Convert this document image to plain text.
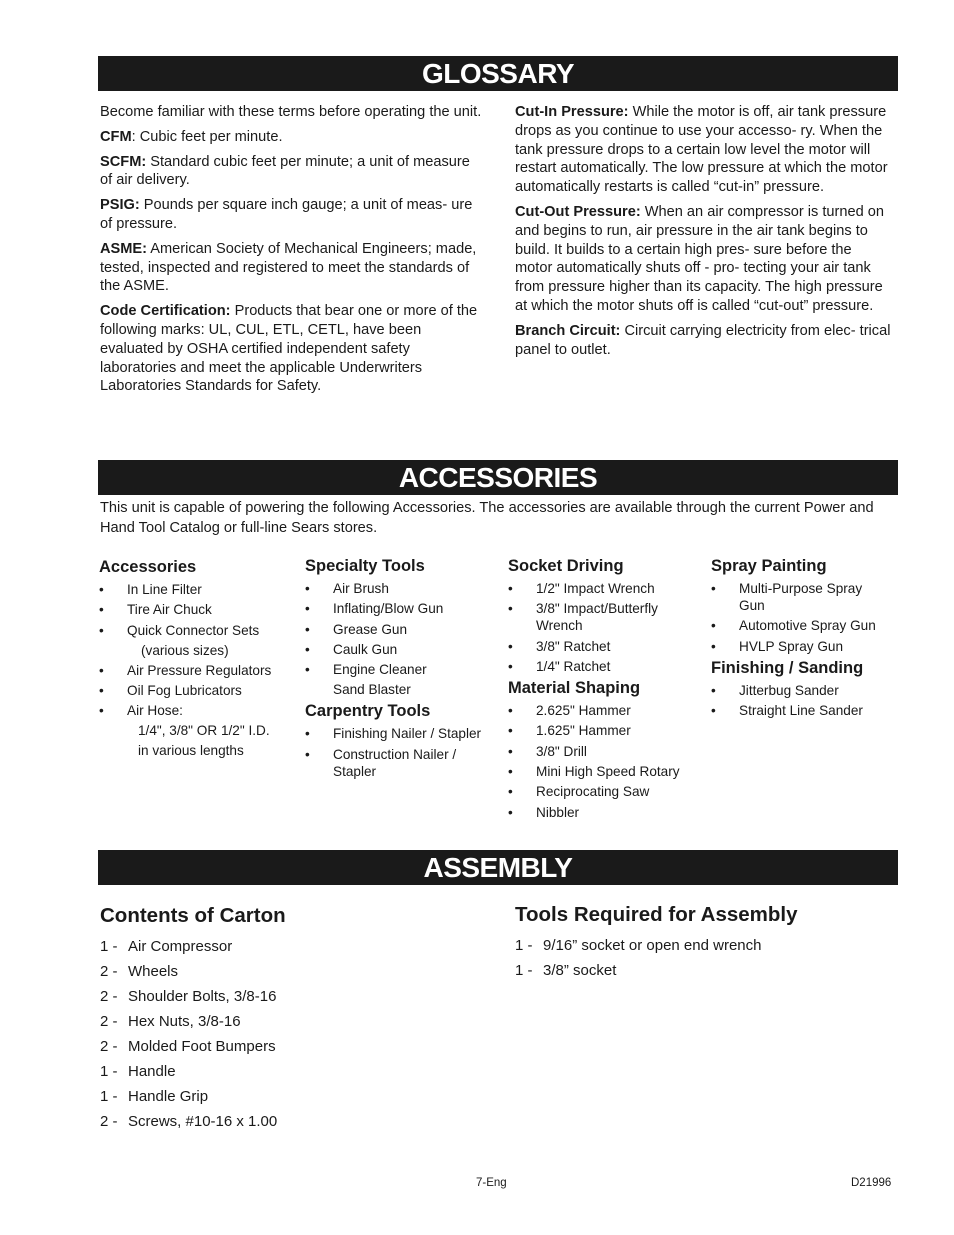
GLOSSARY

Become familiar with these terms before operating the unit.

CFM: Cubic feet per minute.

SCFM: Standard cubic feet per minute; a unit of measure of air delivery.

PSIG: Pounds per square inch gauge; a unit of meas- ure of pressure.

ASME: American Society of Mechanical Engineers; made, tested, inspected and registered to meet the standards of the ASME.

Code Certification: Products that bear one or more of the following marks: UL, CUL, ETL, CETL, have been evaluated by OSHA certified independent safety laboratories and meet the applicable Underwriters Laboratories Standards for Safety.

Cut-In Pressure: While the motor is off, air tank pressure drops as you continue to use your accesso- ry. When the tank pressure drops to a certain low level the motor will restart automatically. The low pressure at which the motor automatically restarts is called “cut-in” pressure.

Cut-Out Pressure: When an air compressor is turned on and begins to run, air pressure in the air tank begins to build. It builds to a certain high pres- sure before the motor automatically shuts off - pro- tecting your air tank from pressure higher than its capacity. The high pressure at which the motor shuts off is called “cut-out” pressure.

Branch Circuit: Circuit carrying electricity from elec- trical panel to outlet.

ACCESSORIES
This unit is capable of powering the following Accessories. The accessories are available through the current Power and Hand Tool Catalog or full-line Sears stores.
Accessories
• In Line Filter
• Tire Air Chuck
• Quick Connector Sets
(various sizes)
• Air Pressure Regulators
• Oil Fog Lubricators
• Air Hose:
1/4", 3/8" OR 1/2" I.D.
in various lengths
Specialty Tools
• Air Brush
• Inflating/Blow Gun
• Grease Gun
• Caulk Gun
• Engine Cleaner
Sand Blaster
Carpentry Tools
• Finishing Nailer / Stapler
• Construction Nailer / Stapler
Socket Driving
• 1/2" Impact Wrench
• 3/8" Impact/Butterfly Wrench
• 3/8" Ratchet
• 1/4" Ratchet
Material Shaping
• 2.625" Hammer
• 1.625" Hammer
• 3/8" Drill
• Mini High Speed Rotary
• Reciprocating Saw
• Nibbler
Spray Painting
• Multi-Purpose Spray Gun
• Automotive Spray Gun
• HVLP Spray Gun
Finishing / Sanding
• Jitterbug Sander
• Straight Line Sander
ASSEMBLY
Contents of Carton
1 - Air Compressor
2 - Wheels
2 - Shoulder Bolts, 3/8-16
2 - Hex Nuts, 3/8-16
2 - Molded Foot Bumpers
1 - Handle
1 - Handle Grip
2 - Screws, #10-16 x 1.00
Tools Required for Assembly
1 - 9/16” socket or open end wrench
1 - 3/8” socket
7-Eng	D21996
